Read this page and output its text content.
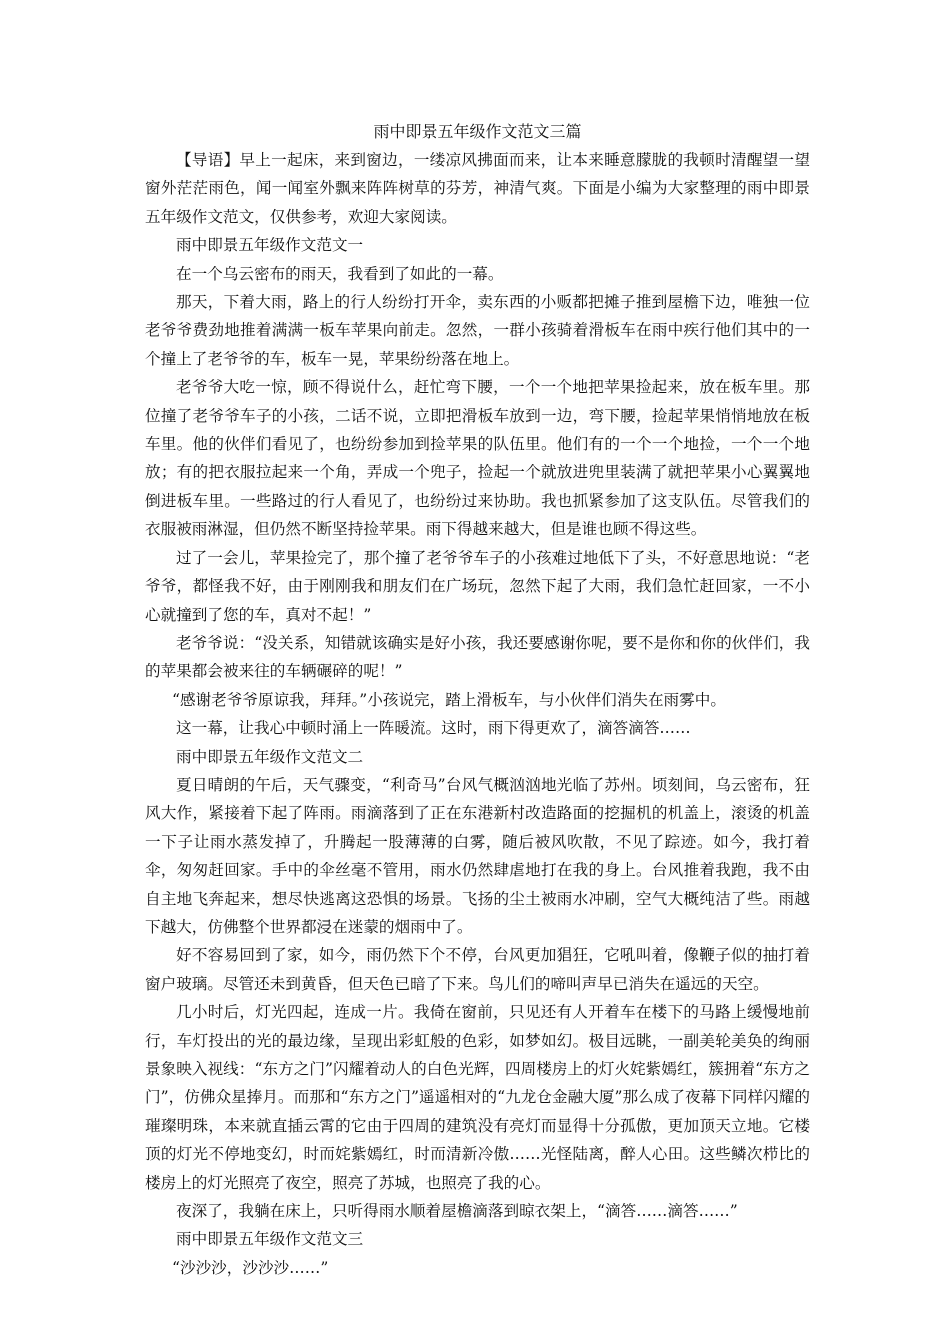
雨中即景五年级作文范文三篇

【导语】早上一起床，来到窗边，一缕凉风拂面而来，让本来睡意朦胧的我顿时清醒望一望窗外茫茫雨色，闻一闻室外飘来阵阵树草的芬芳，神清气爽。下面是小编为大家整理的雨中即景五年级作文范文，仅供参考，欢迎大家阅读。

雨中即景五年级作文范文一

在一个乌云密布的雨天，我看到了如此的一幕。

那天，下着大雨，路上的行人纷纷打开伞，卖东西的小贩都把摊子推到屋檐下边，唯独一位老爷爷费劲地推着满满一板车苹果向前走。忽然，一群小孩骑着滑板车在雨中疾行他们其中的一个撞上了老爷爷的车，板车一晃，苹果纷纷落在地上。

老爷爷大吃一惊，顾不得说什么，赶忙弯下腰，一个一个地把苹果捡起来，放在板车里。那位撞了老爷爷车子的小孩，二话不说，立即把滑板车放到一边，弯下腰，捡起苹果悄悄地放在板车里。他的伙伴们看见了，也纷纷参加到捡苹果的队伍里。他们有的一个一个地捡，一个一个地放；有的把衣服拉起来一个角，弄成一个兜子，捡起一个就放进兜里装满了就把苹果小心翼翼地倒进板车里。一些路过的行人看见了，也纷纷过来协助。我也抓紧参加了这支队伍。尽管我们的衣服被雨淋湿，但仍然不断坚持捡苹果。雨下得越来越大，但是谁也顾不得这些。

过了一会儿，苹果捡完了，那个撞了老爷爷车子的小孩难过地低下了头，不好意思地说：“老爷爷，都怪我不好，由于刚刚我和朋友们在广场玩，忽然下起了大雨，我们急忙赶回家，一不小心就撞到了您的车，真对不起！”

老爷爷说：“没关系，知错就该确实是好小孩，我还要感谢你呢，要不是你和你的伙伴们，我的苹果都会被来往的车辆碾碎的呢！”

“感谢老爷爷原谅我，拜拜。”小孩说完，踏上滑板车，与小伙伴们消失在雨雾中。

这一幕，让我心中顿时涌上一阵暖流。这时，雨下得更欢了，滴答滴答……

雨中即景五年级作文范文二

夏日晴朗的午后，天气骤变，“利奇马”台风气概汹汹地光临了苏州。顷刻间，乌云密布，狂风大作，紧接着下起了阵雨。雨滴落到了正在东港新村改造路面的挖掘机的机盖上，滚烫的机盖一下子让雨水蒸发掉了，升腾起一股薄薄的白雾，随后被风吹散，不见了踪迹。如今，我打着伞，匆匆赶回家。手中的伞丝毫不管用，雨水仍然肆虐地打在我的身上。台风推着我跑，我不由自主地飞奔起来，想尽快逃离这恐惧的场景。飞扬的尘土被雨水冲刷，空气大概纯洁了些。雨越下越大，仿佛整个世界都浸在迷蒙的烟雨中了。

好不容易回到了家，如今，雨仍然下个不停，台风更加猖狂，它吼叫着，像鞭子似的抽打着窗户玻璃。尽管还未到黄昏，但天色已暗了下来。鸟儿们的啼叫声早已消失在遥远的天空。

几小时后，灯光四起，连成一片。我倚在窗前，只见还有人开着车在楼下的马路上缓慢地前行，车灯投出的光的最边缘，呈现出彩虹般的色彩，如梦如幻。极目远眺，一副美轮美奂的绚丽景象映入视线：“东方之门”闪耀着动人的白色光辉，四周楼房上的灯火姹紫嫣红，簇拥着“东方之门”，仿佛众星捧月。而那和“东方之门”遥遥相对的“九龙仓金融大厦”那么成了夜幕下同样闪耀的璀璨明珠，本来就直插云霄的它由于四周的建筑没有亮灯而显得十分孤傲，更加顶天立地。它楼顶的灯光不停地变幻，时而姹紫嫣红，时而清新冷傲……光怪陆离，醉人心田。这些鳞次栉比的楼房上的灯光照亮了夜空，照亮了苏城，也照亮了我的心。

夜深了，我躺在床上，只听得雨水顺着屋檐滴落到晾衣架上，“滴答……滴答……”

雨中即景五年级作文范文三

“沙沙沙，沙沙沙……”
